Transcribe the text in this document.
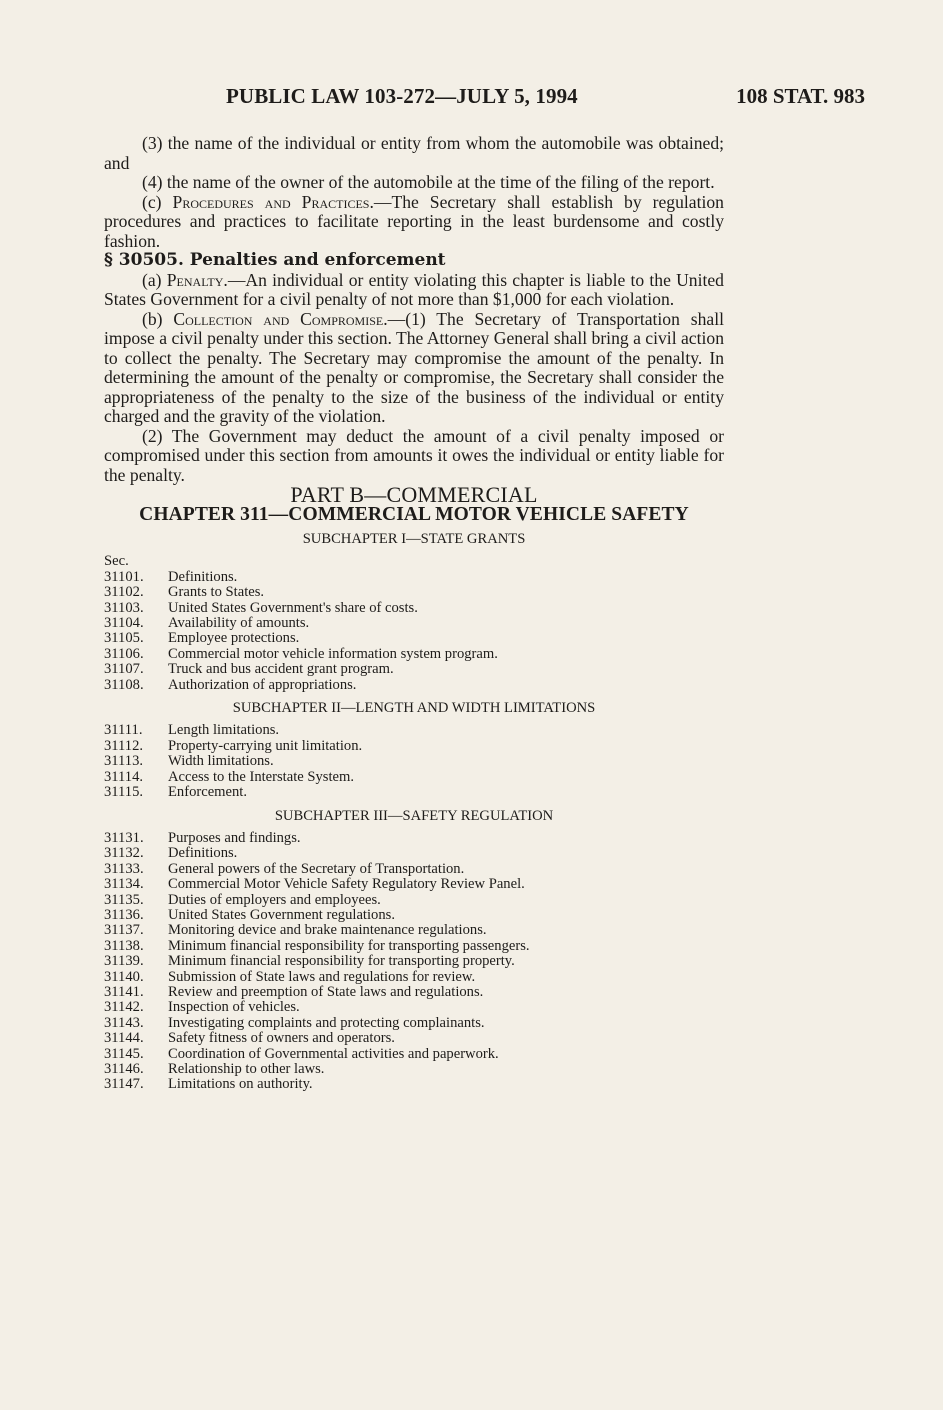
PUBLIC LAW 103-272—JULY 5, 1994	108 STAT. 983

(3) the name of the individual or entity from whom the automobile was obtained; and

(4) the name of the owner of the automobile at the time of the filing of the report.

(c) Procedures and Practices.—The Secretary shall establish by regulation procedures and practices to facilitate reporting in the least burdensome and costly fashion.

§ 30505. Penalties and enforcement

(a) Penalty.—An individual or entity violating this chapter is liable to the United States Government for a civil penalty of not more than $1,000 for each violation.

(b) Collection and Compromise.—(1) The Secretary of Transportation shall impose a civil penalty under this section. The Attorney General shall bring a civil action to collect the penalty. The Secretary may compromise the amount of the penalty. In determining the amount of the penalty or compromise, the Secretary shall consider the appropriateness of the penalty to the size of the business of the individual or entity charged and the gravity of the violation.

(2) The Government may deduct the amount of a civil penalty imposed or compromised under this section from amounts it owes the individual or entity liable for the penalty.

PART B—COMMERCIAL

CHAPTER 311—COMMERCIAL MOTOR VEHICLE SAFETY

SUBCHAPTER I—STATE GRANTS
Sec.
31101.	Definitions.
31102.	Grants to States.
31103.	United States Government's share of costs.
31104.	Availability of amounts.
31105.	Employee protections.
31106.	Commercial motor vehicle information system program.
31107.	Truck and bus accident grant program.
31108.	Authorization of appropriations.
SUBCHAPTER II—LENGTH AND WIDTH LIMITATIONS
31111.	Length limitations.
31112.	Property-carrying unit limitation.
31113.	Width limitations.
31114.	Access to the Interstate System.
31115.	Enforcement.
SUBCHAPTER III—SAFETY REGULATION
31131.	Purposes and findings.
31132.	Definitions.
31133.	General powers of the Secretary of Transportation.
31134.	Commercial Motor Vehicle Safety Regulatory Review Panel.
31135.	Duties of employers and employees.
31136.	United States Government regulations.
31137.	Monitoring device and brake maintenance regulations.
31138.	Minimum financial responsibility for transporting passengers.
31139.	Minimum financial responsibility for transporting property.
31140.	Submission of State laws and regulations for review.
31141.	Review and preemption of State laws and regulations.
31142.	Inspection of vehicles.
31143.	Investigating complaints and protecting complainants.
31144.	Safety fitness of owners and operators.
31145.	Coordination of Governmental activities and paperwork.
31146.	Relationship to other laws.
31147.	Limitations on authority.
